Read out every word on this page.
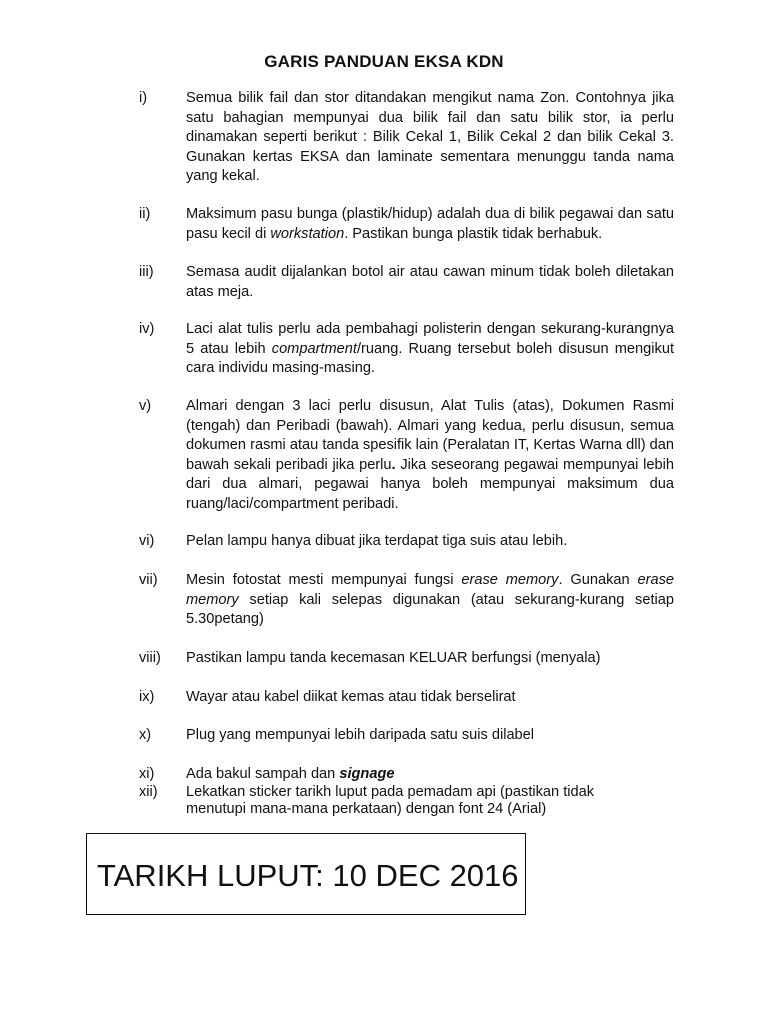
GARIS PANDUAN EKSA KDN
i)	Semua bilik fail dan stor ditandakan mengikut nama Zon. Contohnya jika satu bahagian mempunyai dua bilik fail dan satu bilik stor, ia perlu dinamakan seperti berikut : Bilik Cekal 1, Bilik Cekal 2 dan bilik Cekal 3. Gunakan kertas EKSA dan laminate sementara menunggu tanda nama yang kekal.
ii) Maksimum pasu bunga (plastik/hidup) adalah dua di bilik pegawai dan satu pasu kecil di workstation. Pastikan bunga plastik tidak berhabuk.
iii) Semasa audit dijalankan botol air atau cawan minum tidak boleh diletakan atas meja.
iv) Laci alat tulis perlu ada pembahagi polisterin dengan sekurang-kurangnya 5 atau lebih compartment/ruang. Ruang tersebut boleh disusun mengikut cara individu masing-masing.
v) Almari dengan 3 laci perlu disusun, Alat Tulis (atas), Dokumen Rasmi (tengah) dan Peribadi (bawah). Almari yang kedua, perlu disusun, semua dokumen rasmi atau tanda spesifik lain (Peralatan IT, Kertas Warna dll) dan bawah sekali peribadi jika perlu. Jika seseorang pegawai mempunyai lebih dari dua almari, pegawai hanya boleh mempunyai maksimum dua ruang/laci/compartment peribadi.
vi) Pelan lampu hanya dibuat jika terdapat tiga suis atau lebih.
vii) Mesin fotostat mesti mempunyai fungsi erase memory. Gunakan erase memory setiap kali selepas digunakan (atau sekurang-kurang setiap 5.30petang)
viii) Pastikan lampu tanda kecemasan KELUAR berfungsi (menyala)
ix) Wayar atau kabel diikat kemas atau tidak berselirat
x) Plug yang mempunyai lebih daripada satu suis dilabel
xi) Ada bakul sampah dan signage
xii) Lekatkan sticker tarikh luput pada pemadam api (pastikan tidak menutupi mana-mana perkataan) dengan font 24 (Arial)
TARIKH LUPUT: 10 DEC 2016
